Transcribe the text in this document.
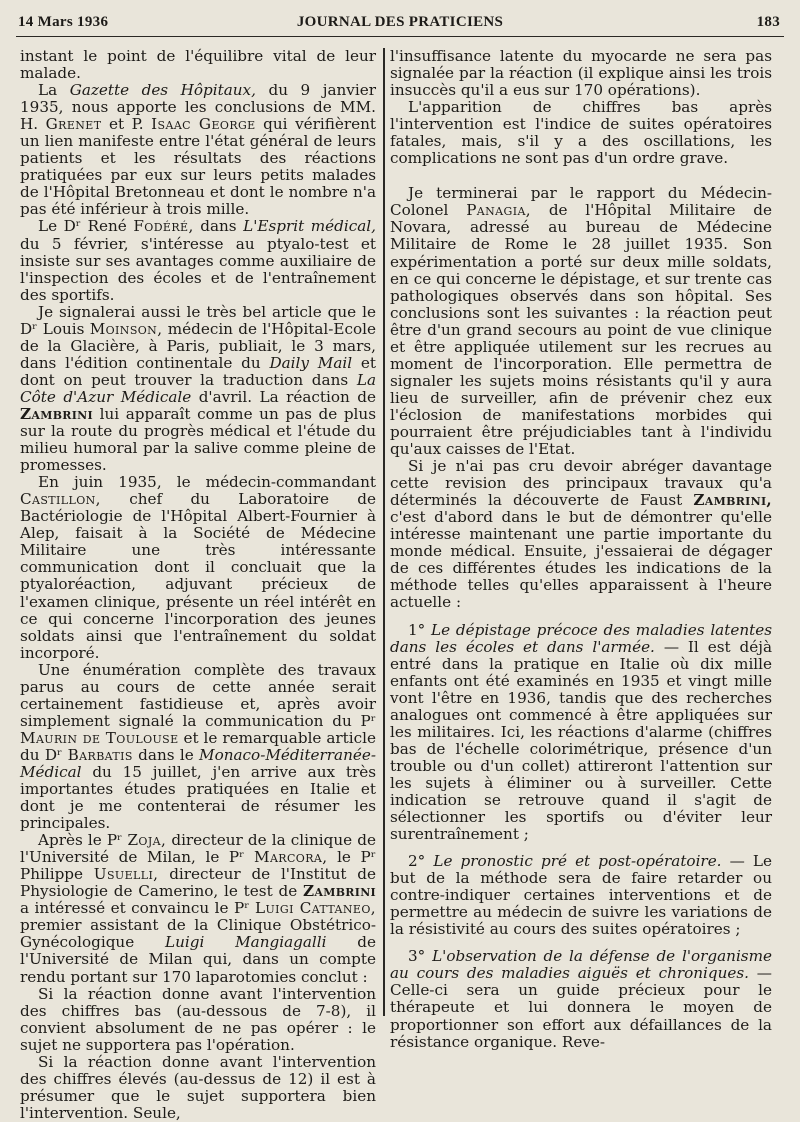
14 Mars 1936	JOURNAL DES PRATICIENS	183

instant le point de l'équilibre vital de leur malade.

La Gazette des Hôpitaux, du 9 janvier 1935, nous apporte les conclusions de MM. H. Grenet et P. Isaac George qui vérifièrent un lien manifeste entre l'état général de leurs patients et les résultats des réactions pratiquées par eux sur leurs petits malades de l'Hôpital Bretonneau et dont le nombre n'a pas été inférieur à trois mille.

Le Dʳ René Fodéré, dans L'Esprit médical, du 5 février, s'intéresse au ptyalo-test et insiste sur ses avantages comme auxiliaire de l'inspection des écoles et de l'entraînement des sportifs.

Je signalerai aussi le très bel article que le Dʳ Louis Moinson, médecin de l'Hôpital-Ecole de la Glacière, à Paris, publiait, le 3 mars, dans l'édition continentale du Daily Mail et dont on peut trouver la traduction dans La Côte d'Azur Médicale d'avril. La réaction de Zambrini lui apparaît comme un pas de plus sur la route du progrès médical et l'étude du milieu humoral par la salive comme pleine de promesses.

En juin 1935, le médecin-commandant Castillon, chef du Laboratoire de Bactériologie de l'Hôpital Albert-Fournier à Alep, faisait à la Société de Médecine Militaire une très intéressante communication dont il concluait que la ptyaloréaction, adjuvant précieux de l'examen clinique, présente un réel intérêt en ce qui concerne l'incorporation des jeunes soldats ainsi que l'entraînement du soldat incorporé.

Une énumération complète des travaux parus au cours de cette année serait certainement fastidieuse et, après avoir simplement signalé la communication du Pʳ Maurin de Toulouse et le remarquable article du Dʳ Barbatis dans le Monaco-Méditerranée-Médical du 15 juillet, j'en arrive aux très importantes études pratiquées en Italie et dont je me contenterai de résumer les principales.

Après le Pʳ Zoja, directeur de la clinique de l'Université de Milan, le Pʳ Marcora, le Pʳ Philippe Usuelli, directeur de l'Institut de Physiologie de Camerino, le test de Zambrini a intéressé et convaincu le Pʳ Luigi Cattaneo, premier assistant de la Clinique Obstétrico-Gynécologique Luigi Mangiagalli de l'Université de Milan qui, dans un compte rendu portant sur 170 laparotomies conclut :

Si la réaction donne avant l'intervention des chiffres bas (au-dessous de 7-8), il convient absolument de ne pas opérer : le sujet ne supportera pas l'opération.

Si la réaction donne avant l'intervention des chiffres élevés (au-dessus de 12) il est à présumer que le sujet supportera bien l'intervention. Seule,

l'insuffisance latente du myocarde ne sera pas signalée par la réaction (il explique ainsi les trois insuccès qu'il a eus sur 170 opérations).

L'apparition de chiffres bas après l'intervention est l'indice de suites opératoires fatales, mais, s'il y a des oscillations, les complications ne sont pas d'un ordre grave.

Je terminerai par le rapport du Médecin-Colonel Panagia, de l'Hôpital Militaire de Novara, adressé au bureau de Médecine Militaire de Rome le 28 juillet 1935. Son expérimentation a porté sur deux mille soldats, en ce qui concerne le dépistage, et sur trente cas pathologiques observés dans son hôpital. Ses conclusions sont les suivantes : la réaction peut être d'un grand secours au point de vue clinique et être appliquée utilement sur les recrues au moment de l'incorporation. Elle permettra de signaler les sujets moins résistants qu'il y aura lieu de surveiller, afin de prévenir chez eux l'éclosion de manifestations morbides qui pourraient être préjudiciables tant à l'individu qu'aux caisses de l'Etat.

Si je n'ai pas cru devoir abréger davantage cette revision des principaux travaux qu'a déterminés la découverte de Faust Zambrini, c'est d'abord dans le but de démontrer qu'elle intéresse maintenant une partie importante du monde médical. Ensuite, j'essaierai de dégager de ces différentes études les indications de la méthode telles qu'elles apparaissent à l'heure actuelle :

1° Le dépistage précoce des maladies latentes dans les écoles et dans l'armée. — Il est déjà entré dans la pratique en Italie où dix mille enfants ont été examinés en 1935 et vingt mille vont l'être en 1936, tandis que des recherches analogues ont commencé à être appliquées sur les militaires. Ici, les réactions d'alarme (chiffres bas de l'échelle colorimétrique, présence d'un trouble ou d'un collet) attireront l'attention sur les sujets à éliminer ou à surveiller. Cette indication se retrouve quand il s'agit de sélectionner les sportifs ou d'éviter leur surentraînement ;

2° Le pronostic pré et post-opératoire. — Le but de la méthode sera de faire retarder ou contre-indiquer certaines interventions et de permettre au médecin de suivre les variations de la résistivité au cours des suites opératoires ;

3° L'observation de la défense de l'organisme au cours des maladies aiguës et chroniques. — Celle-ci sera un guide précieux pour le thérapeute et lui donnera le moyen de proportionner son effort aux défaillances de la résistance organique. Reve-
